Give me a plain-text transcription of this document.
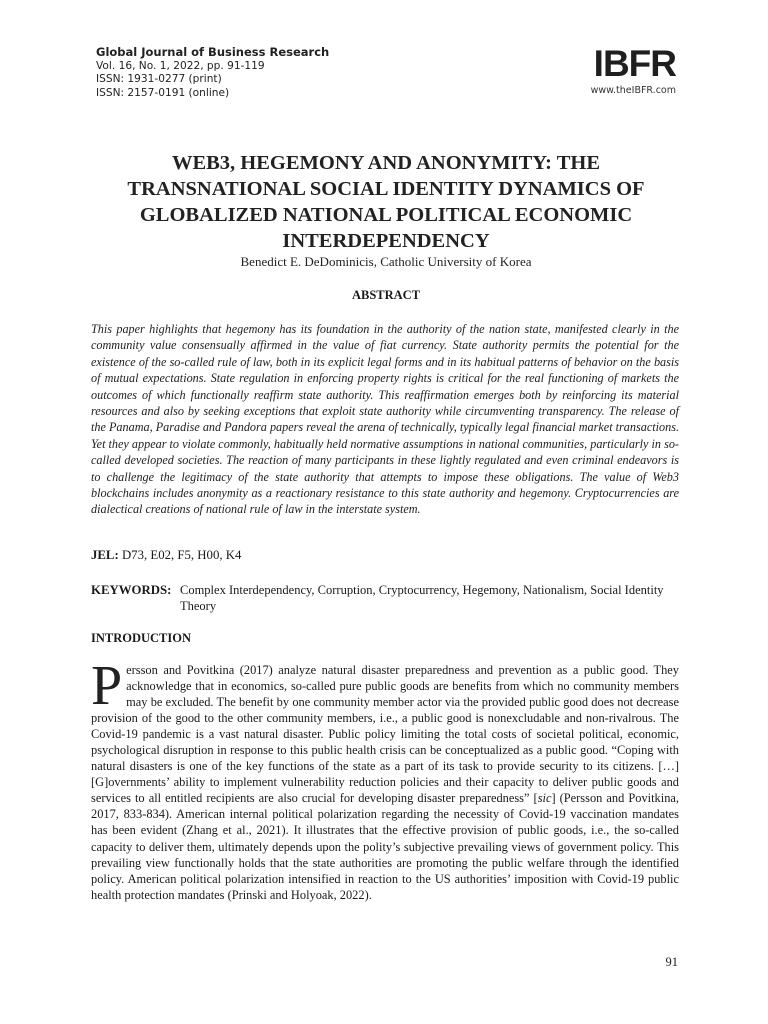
Global Journal of Business Research
Vol. 16, No. 1, 2022, pp. 91-119
ISSN: 1931-0277 (print)
ISSN: 2157-0191 (online)
IBFR
www.theIBFR.com
WEB3, HEGEMONY AND ANONYMITY: THE TRANSNATIONAL SOCIAL IDENTITY DYNAMICS OF GLOBALIZED NATIONAL POLITICAL ECONOMIC INTERDEPENDENCY
Benedict E. DeDominicis, Catholic University of Korea
ABSTRACT
This paper highlights that hegemony has its foundation in the authority of the nation state, manifested clearly in the community value consensually affirmed in the value of fiat currency. State authority permits the potential for the existence of the so-called rule of law, both in its explicit legal forms and in its habitual patterns of behavior on the basis of mutual expectations. State regulation in enforcing property rights is critical for the real functioning of markets the outcomes of which functionally reaffirm state authority. This reaffirmation emerges both by reinforcing its material resources and also by seeking exceptions that exploit state authority while circumventing transparency. The release of the Panama, Paradise and Pandora papers reveal the arena of technically, typically legal financial market transactions. Yet they appear to violate commonly, habitually held normative assumptions in national communities, particularly in so-called developed societies. The reaction of many participants in these lightly regulated and even criminal endeavors is to challenge the legitimacy of the state authority that attempts to impose these obligations. The value of Web3 blockchains includes anonymity as a reactionary resistance to this state authority and hegemony. Cryptocurrencies are dialectical creations of national rule of law in the interstate system.
JEL: D73, E02, F5, H00, K4
KEYWORDS: Complex Interdependency, Corruption, Cryptocurrency, Hegemony, Nationalism, Social Identity Theory
INTRODUCTION
Persson and Povitkina (2017) analyze natural disaster preparedness and prevention as a public good. They acknowledge that in economics, so-called pure public goods are benefits from which no community members may be excluded. The benefit by one community member actor via the provided public good does not decrease provision of the good to the other community members, i.e., a public good is nonexcludable and non-rivalrous. The Covid-19 pandemic is a vast natural disaster. Public policy limiting the total costs of societal political, economic, psychological disruption in response to this public health crisis can be conceptualized as a public good. “Coping with natural disasters is one of the key functions of the state as a part of its task to provide security to its citizens. […] [G]overnments’ ability to implement vulnerability reduction policies and their capacity to deliver public goods and services to all entitled recipients are also crucial for developing disaster preparedness” [sic] (Persson and Povitkina, 2017, 833-834). American internal political polarization regarding the necessity of Covid-19 vaccination mandates has been evident (Zhang et al., 2021). It illustrates that the effective provision of public goods, i.e., the so-called capacity to deliver them, ultimately depends upon the polity’s subjective prevailing views of government policy. This prevailing view functionally holds that the state authorities are promoting the public welfare through the identified policy. American political polarization intensified in reaction to the US authorities’ imposition with Covid-19 public health protection mandates (Prinski and Holyoak, 2022).
91
